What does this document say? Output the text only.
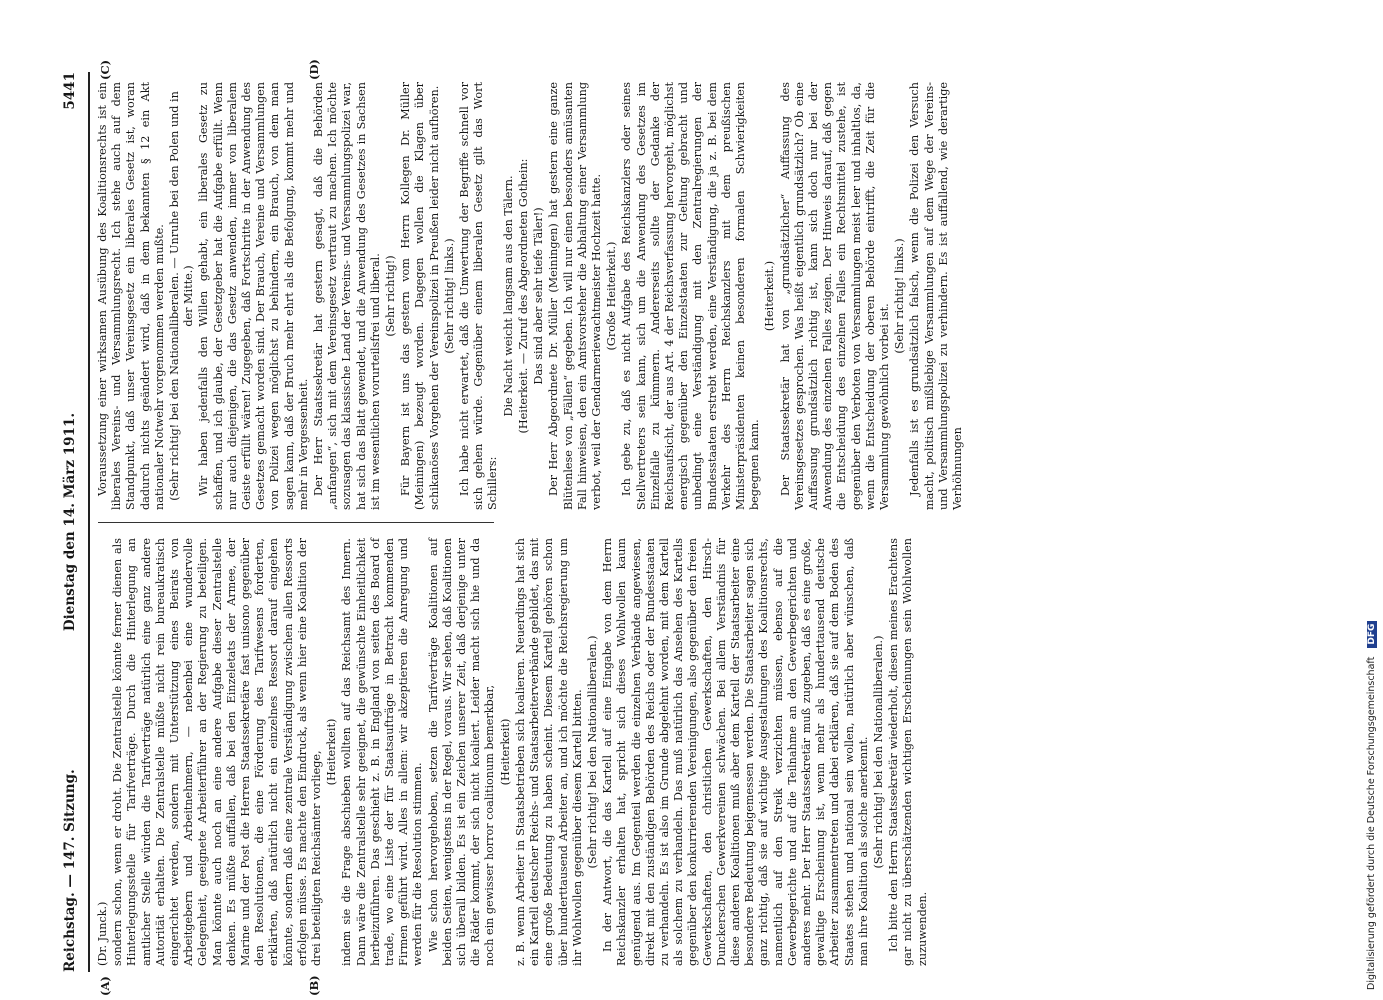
Reichstag. — 147. Sitzung.
Dienstag den 14. März 1911.
5441
(A)	(B)
(C)	(D)

(Dr. Junck.) sondern schon, wenn er droht. Die Zentralstelle könnte ferner dienen als Hinterlegungsstelle für Tarifverträge. Durch die Hinterlegung an amtlicher Stelle würden die Tarifverträge natürlich eine ganz andere Autorität erhalten. Die Zentralstelle müßte nicht rein bureaukratisch eingerichtet werden, sondern mit Unterstützung eines Beirats von Arbeitgebern und Arbeitnehmern, — nebenbei eine wundervolle Gelegenheit, geeignete Arbeiterführer an der Regierung zu beteiligen. Man könnte auch noch an eine andere Aufgabe dieser Zentralstelle denken. Es müßte auffallen, daß bei den Einzeletats der Armee, der Marine und der Post die Herren Staatssekretäre fast unisono gegenüber den Resolutionen, die eine Förderung des Tarifwesens forderten, erklärten, daß natürlich nicht ein einzelnes Ressort darauf eingehen könnte, sondern daß eine zentrale Verständigung zwischen allen Ressorts erfolgen müsse. Es machte den Eindruck, als wenn hier eine Koalition der drei beteiligten Reichsämter vorliege, (Heiterkeit) indem sie die Frage abschieben wollten auf das Reichsamt des Innern. Dann wäre die Zentralstelle sehr geeignet, die gewünschte Einheitlichkeit herbeizuführen. Das geschieht z. B. in England von seiten des Board of trade, wo eine Liste der für Staatsaufträge in Betracht kommenden Firmen geführt wird. Alles in allem: wir akzeptieren die Anregung und werden für die Resolution stimmen. Wie schon hervorgehoben, setzen die Tarifverträge Koalitionen auf beiden Seiten, wenigstens in der Regel, voraus. Wir sehen, daß Koalitionen sich überall bilden. Es ist ein Zeichen unserer Zeit, daß derjenige unter die Räder kommt, der sich nicht koaliert. Leider macht sich hie und da noch ein gewisser horror coalitionum bemerkbar, (Heiterkeit) z. B. wenn Arbeiter in Staatsbetrieben sich koalieren. Neuerdings hat sich ein Kartell deutscher Reichs- und Staatsarbeiterverbände gebildet, das mit eine große Bedeutung zu haben scheint. Diesem Kartell gehören schon über hunderttausend Arbeiter an, und ich möchte die Reichsregierung um ihr Wohlwollen gegenüber diesem Kartell bitten. (Sehr richtig! bei den Nationalliberalen.) In der Antwort, die das Kartell auf eine Eingabe von dem Herrn Reichskanzler erhalten hat, spricht sich dieses Wohlwollen kaum genügend aus. Im Gegenteil werden die einzelnen Verbände angewiesen, direkt mit den zuständigen Behörden des Reichs oder der Bundesstaaten zu verhandeln. Es ist also im Grunde abgelehnt worden, mit dem Kartell als solchem zu verhandeln. Das muß natürlich das Ansehen des Kartells gegenüber den konkurrierenden Vereinigungen, also gegenüber den freien Gewerkschaften, den christlichen Gewerkschaften, den Hirsch-Dunckerschen Gewerkvereinen schwächen. Bei allem Verständnis für diese anderen Koalitionen muß aber dem Kartell der Staatsarbeiter eine besondere Bedeutung beigemessen werden. Die Staatsarbeiter sagen sich ganz richtig, daß sie auf wichtige Ausgestaltungen des Koalitionsrechts, namentlich auf den Streik verzichten müssen, ebenso auf die Gewerbegerichte und auf die Teilnahme an den Gewerbegerichten und anderes mehr. Der Herr Staatssekretär muß zugeben, daß es eine große, gewaltige Erscheinung ist, wenn mehr als hunderttausend deutsche Arbeiter zusammentreten und dabei erklären, daß sie auf dem Boden des Staates stehen und national sein wollen, natürlich aber wünschen, daß man ihre Koalition als solche anerkennt. (Sehr richtig! bei den Nationalliberalen.) Ich bitte den Herrn Staatssekretär wiederholt, diesen meines Erachtens gar nicht zu überschätzenden wichtigen Erscheinungen sein Wohlwollen zuzuwenden.

Voraussetzung einer wirksamen Ausübung des Koalitionsrechts ist ein liberales Vereins- und Versammlungsrecht. Ich stehe auch auf dem Standpunkt, daß unser Vereinsgesetz ein liberales Gesetz ist, woran dadurch nichts geändert wird, daß in dem bekannten § 12 ein Akt nationaler Notwehr vorgenommen werden mußte. (Sehr richtig! bei den Nationalliberalen. — Unruhe bei den Polen und in der Mitte.) Wir haben jedenfalls den Willen gehabt, ein liberales Gesetz zu schaffen, und ich glaube, der Gesetzgeber hat die Aufgabe erfüllt. Wenn nur auch diejenigen, die das Gesetz anwenden, immer von liberalem Geiste erfüllt wären! Zugegeben, daß Fortschritte in der Anwendung des Gesetzes gemacht worden sind. Der Brauch, Vereine und Versammlungen von Polizei wegen möglichst zu behindern, ein Brauch, von dem man sagen kann, daß der Bruch mehr ehrt als die Befolgung, kommt mehr und mehr in Vergessenheit. Der Herr Staatssekretär hat gestern gesagt, daß die Behörden „anfangen“, sich mit dem Vereinsgesetz vertraut zu machen. Ich möchte sozusagen das klassische Land der Vereins- und Versammlungspolizei war, hat sich das Blatt gewendet, und die Anwendung des Gesetzes in Sachsen ist im wesentlichen vorurteilsfrei und liberal. (Sehr richtig!) Für Bayern ist uns das gestern vom Herrn Kollegen Dr. Müller (Meiningen) bezeugt worden. Dagegen wollen die Klagen über schikanöses Vorgehen der Vereinspolizei in Preußen leider nicht aufhören. (Sehr richtig! links.) Ich habe nicht erwartet, daß die Umwertung der Begriffe schnell vor sich gehen würde. Gegenüber einem liberalen Gesetz gilt das Wort Schillers:

Die Nacht weicht langsam aus den Tälern. (Heiterkeit. — Zuruf des Abgeordneten Gothein: Das sind aber sehr tiefe Täler!) Der Herr Abgeordnete Dr. Müller (Meiningen) hat gestern eine ganze Blütenlese von „Fällen“ gegeben. Ich will nur einen besonders amüsanten Fall hinweisen, den ein Amtsvorsteher die Abhaltung einer Versammlung verbot, weil der Gendarmeriewachtmeister Hochzeit hatte. (Große Heiterkeit.) Ich gebe zu, daß es nicht Aufgabe des Reichskanzlers oder seines Stellvertreters sein kann, sich um die Anwendung des Gesetzes im Einzelfalle zu kümmern. Andererseits sollte der Gedanke der Reichsaufsicht, der aus Art. 4 der Reichsverfassung hervorgeht, möglichst energisch gegenüber den Einzelstaaten zur Geltung gebracht und unbedingt eine Verständigung mit den Zentralregierungen der Bundesstaaten erstrebt werden, eine Verständigung, die ja z. B. bei dem Verkehr des Herrn Reichskanzlers mit dem preußischen Ministerpräsidenten keinen besonderen formalen Schwierigkeiten begegnen kann.

(Heiterkeit.) Der Staatssekretär hat von „grundsätzlicher“ Auffassung des Vereinsgesetzes gesprochen. Was heißt eigentlich grundsätzlich? Ob eine Auffassung grundsätzlich richtig ist, kann sich doch nur bei der Anwendung des einzelnen Falles zeigen. Der Hinweis darauf, daß gegen die Entscheidung des einzelnen Falles ein Rechtsmittel zustehe, ist gegenüber den Verboten von Versammlungen meist leer und inhaltlos, da, wenn die Entscheidung der oberen Behörde eintrifft, die Zeit für die Versammlung gewöhnlich vorbei ist.

(Sehr richtig! links.) Jedenfalls ist es grundsätzlich falsch, wenn die Polizei den Versuch macht, politisch mißliebige Versammlungen auf dem Wege der Vereins- und Versammlungspolizei zu verhindern. Es ist auffallend, wie derartige Verhöhnungen

Digitalisierung gefördert durch die Deutsche Forschungsgemeinschaft DFG
